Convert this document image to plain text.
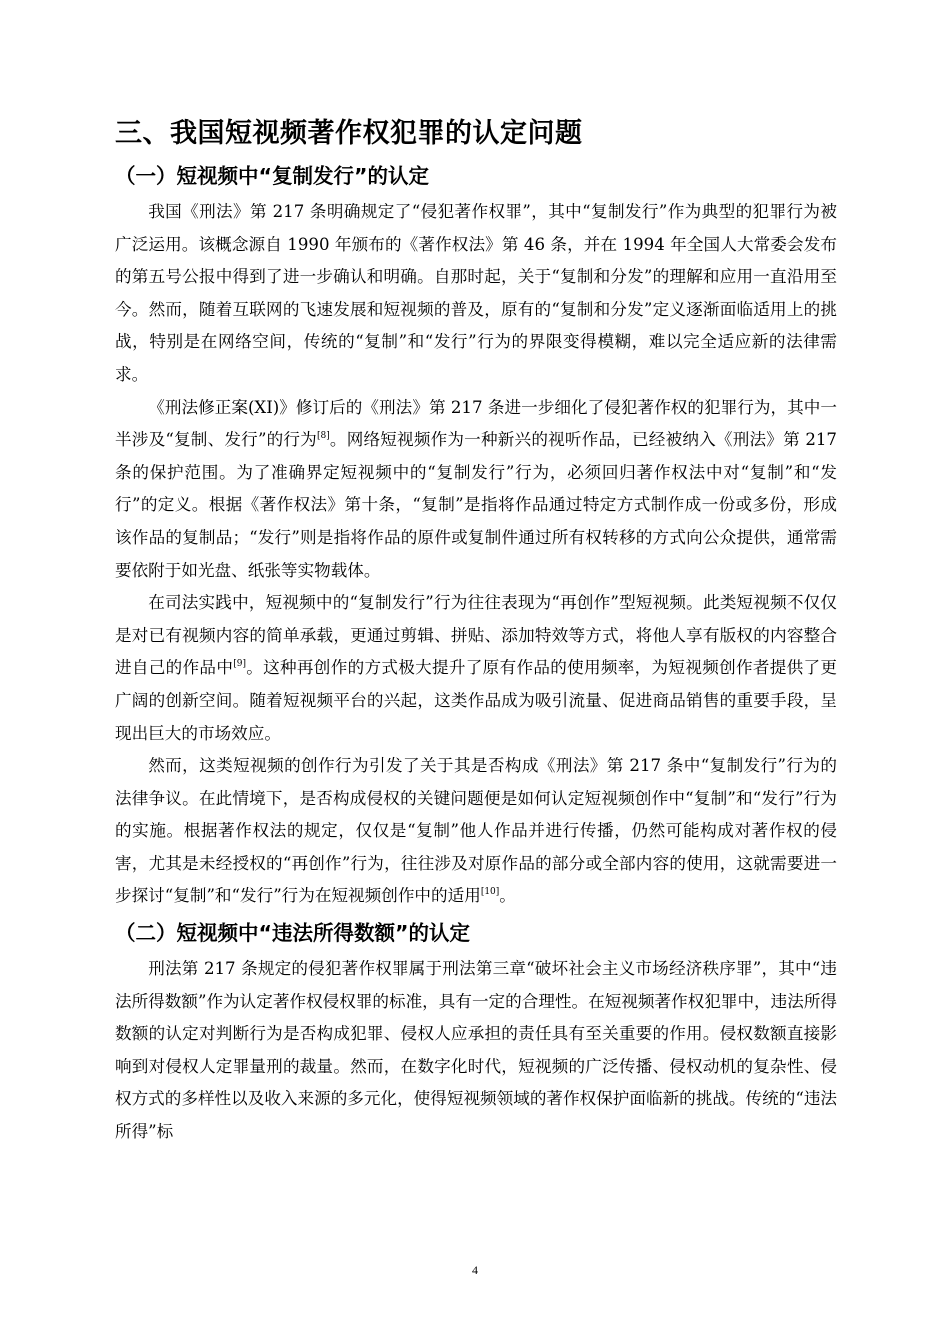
三、我国短视频著作权犯罪的认定问题
（一）短视频中“复制发行”的认定

我国《刑法》第 217 条明确规定了“侵犯著作权罪”，其中“复制发行”作为典型的犯罪行为被广泛运用。该概念源自 1990 年颁布的《著作权法》第 46 条，并在 1994 年全国人大常委会发布的第五号公报中得到了进一步确认和明确。自那时起，关于“复制和分发”的理解和应用一直沿用至今。然而，随着互联网的飞速发展和短视频的普及，原有的“复制和分发”定义逐渐面临适用上的挑战，特别是在网络空间，传统的“复制”和“发行”行为的界限变得模糊，难以完全适应新的法律需求。

《刑法修正案(XI)》修订后的《刑法》第 217 条进一步细化了侵犯著作权的犯罪行为，其中一半涉及“复制、发行”的行为[8]。网络短视频作为一种新兴的视听作品，已经被纳入《刑法》第 217 条的保护范围。为了准确界定短视频中的“复制发行”行为，必须回归著作权法中对“复制”和“发行”的定义。根据《著作权法》第十条，“复制”是指将作品通过特定方式制作成一份或多份，形成该作品的复制品；“发行”则是指将作品的原件或复制件通过所有权转移的方式向公众提供，通常需要依附于如光盘、纸张等实物载体。

在司法实践中，短视频中的“复制发行”行为往往表现为“再创作”型短视频。此类短视频不仅仅是对已有视频内容的简单承载，更通过剪辑、拼贴、添加特效等方式，将他人享有版权的内容整合进自己的作品中[9]。这种再创作的方式极大提升了原有作品的使用频率，为短视频创作者提供了更广阔的创新空间。随着短视频平台的兴起，这类作品成为吸引流量、促进商品销售的重要手段，呈现出巨大的市场效应。

然而，这类短视频的创作行为引发了关于其是否构成《刑法》第 217 条中“复制发行”行为的法律争议。在此情境下，是否构成侵权的关键问题便是如何认定短视频创作中“复制”和“发行”行为的实施。根据著作权法的规定，仅仅是“复制”他人作品并进行传播，仍然可能构成对著作权的侵害，尤其是未经授权的“再创作”行为，往往涉及对原作品的部分或全部内容的使用，这就需要进一步探讨“复制”和“发行”行为在短视频创作中的适用[10]。

（二）短视频中“违法所得数额”的认定

刑法第 217 条规定的侵犯著作权罪属于刑法第三章“破坏社会主义市场经济秩序罪”，其中“违法所得数额”作为认定著作权侵权罪的标准，具有一定的合理性。在短视频著作权犯罪中，违法所得数额的认定对判断行为是否构成犯罪、侵权人应承担的责任具有至关重要的作用。侵权数额直接影响到对侵权人定罪量刑的裁量。然而，在数字化时代，短视频的广泛传播、侵权动机的复杂性、侵权方式的多样性以及收入来源的多元化，使得短视频领域的著作权保护面临新的挑战。传统的“违法所得”标

4
